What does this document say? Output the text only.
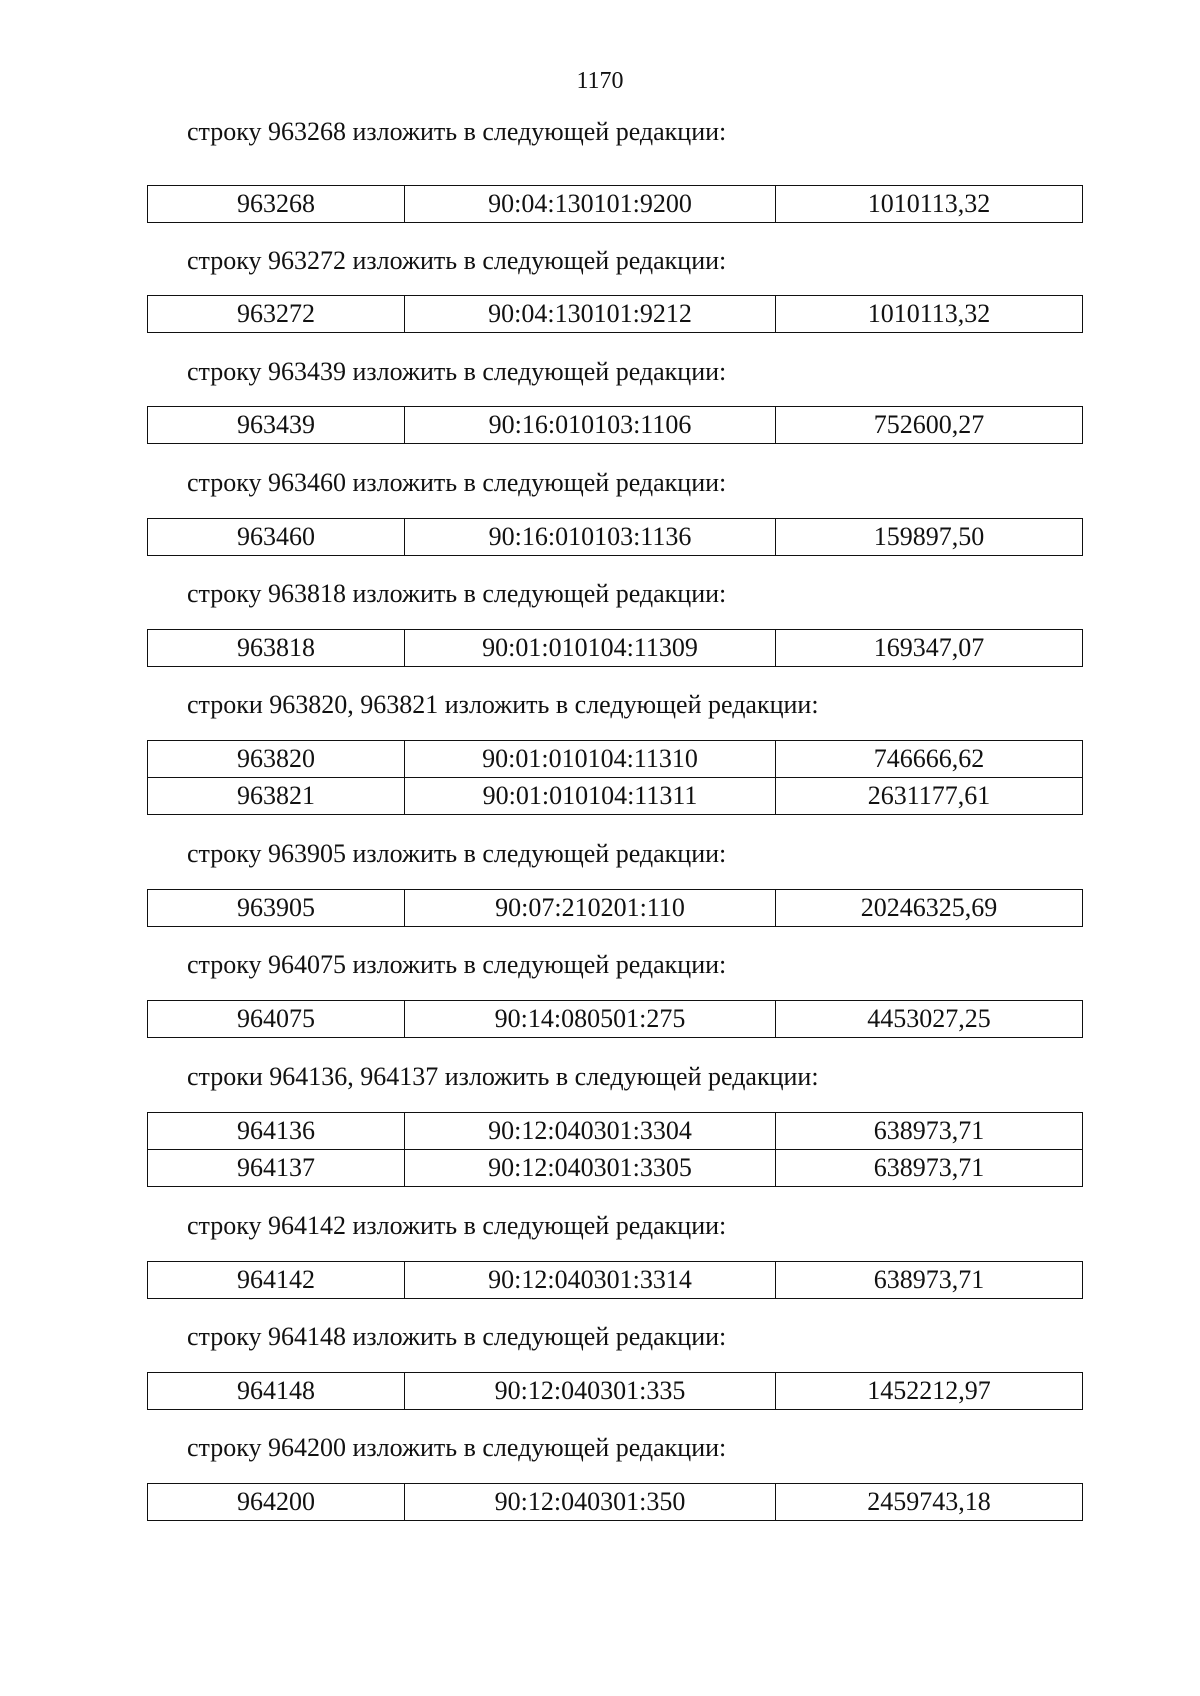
1170
строку 963268 изложить в следующей редакции:
963268	90:04:130101:9200	1010113,32
строку 963272 изложить в следующей редакции:
963272	90:04:130101:9212	1010113,32
строку 963439 изложить в следующей редакции:
963439	90:16:010103:1106	752600,27
строку 963460 изложить в следующей редакции:
963460	90:16:010103:1136	159897,50
строку 963818 изложить в следующей редакции:
963818	90:01:010104:11309	169347,07
строки 963820, 963821 изложить в следующей редакции:
963820	90:01:010104:11310	746666,62
963821	90:01:010104:11311	2631177,61
строку 963905 изложить в следующей редакции:
963905	90:07:210201:110	20246325,69
строку 964075 изложить в следующей редакции:
964075	90:14:080501:275	4453027,25
строки 964136, 964137 изложить в следующей редакции:
964136	90:12:040301:3304	638973,71
964137	90:12:040301:3305	638973,71
строку 964142 изложить в следующей редакции:
964142	90:12:040301:3314	638973,71
строку 964148 изложить в следующей редакции:
964148	90:12:040301:335	1452212,97
строку 964200 изложить в следующей редакции:
964200	90:12:040301:350	2459743,18
